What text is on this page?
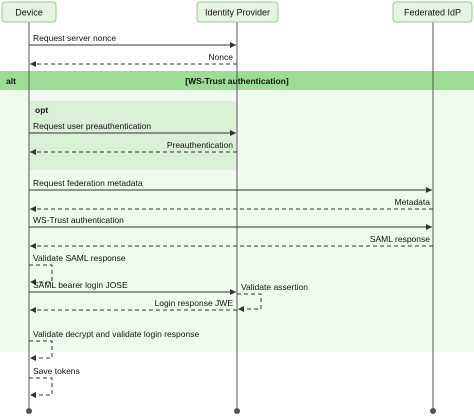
alt	[WS-Trust authentication]
opt
Device	Identity Provider	Federated IdP
Request server nonce
Nonce
Request user preauthentication
Preauthentication
Request federation metadata
Metadata
WS-Trust authentication
SAML response
Validate SAML response
SAML bearer login JOSE	Validate assertion
Login response JWE
Validate decrypt and validate login response
Save tokens
